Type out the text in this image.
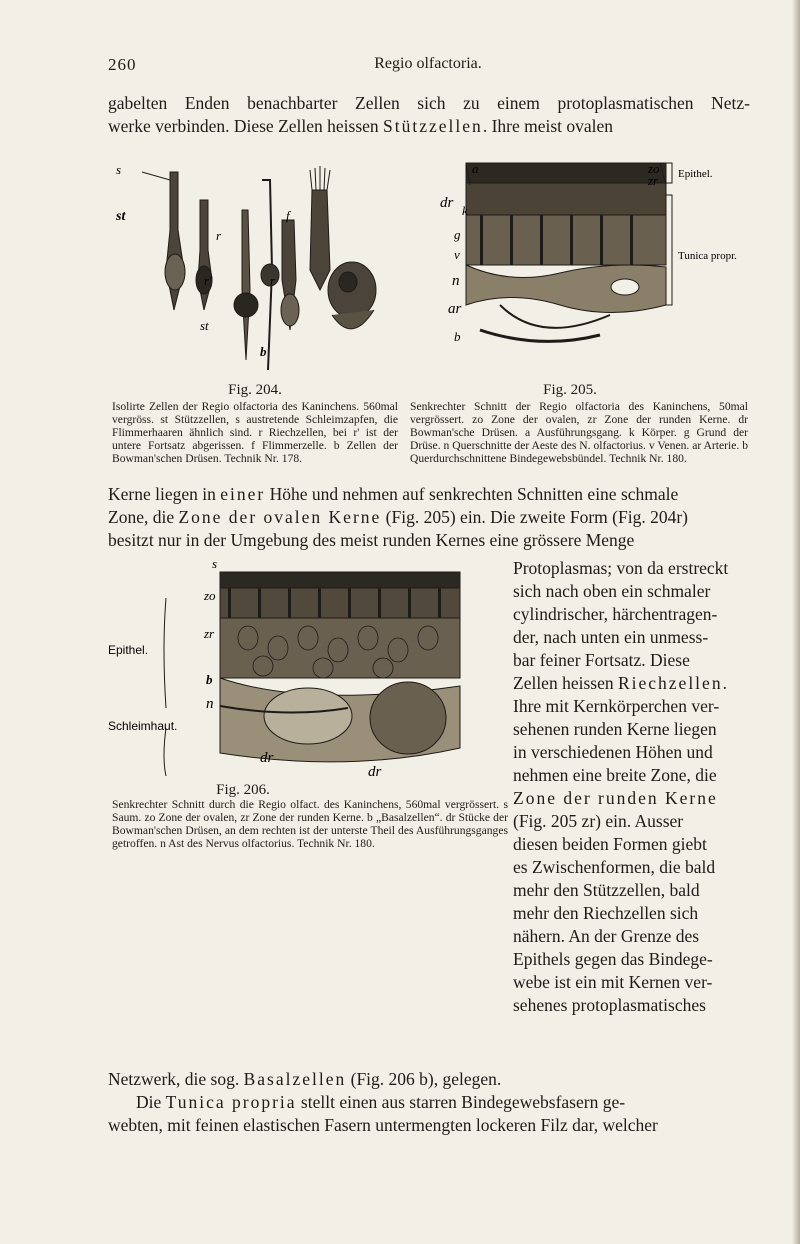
260	Regio olfactoria.
gabelten Enden benachbarter Zellen sich zu einem protoplasmatischen Netz-
werke verbinden. Diese Zellen heissen Stützzellen. Ihre meist ovalen
s
st
r
f
r'	r
st
b
a	zo
zr Epithel.
dr k
g
v	Tunica propr.
n
ar
b
Fig. 204.	Fig. 205.
Isolirte Zellen der Regio olfactoria des Kaninchens. 560mal vergröss. st Stützzellen, s austretende Schleimzapfen, die Flimmerhaaren ähnlich sind. r Riechzellen, bei r' ist der untere Fortsatz abgerissen. f Flimmerzelle. b Zellen der Bowman'schen Drüsen. Technik Nr. 178.
Senkrechter Schnitt der Regio olfactoria des Kaninchens, 50mal vergrössert. zo Zone der ovalen, zr Zone der runden Kerne. dr Bowman'sche Drüsen. a Ausführungsgang. k Körper. g Grund der Drüse. n Querschnitte der Aeste des N. olfactorius. v Venen. ar Arterie. b Querdurchschnittene Bindegewebsbündel. Technik Nr. 180.
Kerne liegen in einer Höhe und nehmen auf senkrechten Schnitten eine schmale
Zone, die Zone der ovalen Kerne (Fig. 205) ein. Die zweite Form (Fig. 204r)
besitzt nur in der Umgebung des meist runden Kernes eine grössere Menge
s
zo
zr
b
n
dr
dr
Epithel.
Schleimhaut.
Fig. 206.
Senkrechter Schnitt durch die Regio olfact. des Kaninchens, 560mal vergrössert. s Saum. zo Zone der ovalen, zr Zone der runden Kerne. b „Basalzellen“. dr Stücke der Bowman'schen Drüsen, an dem rechten ist der unterste Theil des Ausführungsganges getroffen. n Ast des Nervus olfactorius. Technik Nr. 180.
Protoplasmas; von da erstreckt
sich nach oben ein schmaler
cylindrischer, härchentragen-
der, nach unten ein unmess-
bar feiner Fortsatz. Diese
Zellen heissen Riechzellen.
Ihre mit Kernkörperchen ver-
sehenen runden Kerne liegen
in verschiedenen Höhen und
nehmen eine breite Zone, die
Zone der runden Kerne
(Fig. 205 zr) ein. Ausser
diesen beiden Formen giebt
es Zwischenformen, die bald
mehr den Stützzellen, bald
mehr den Riechzellen sich
nähern. An der Grenze des
Epithels gegen das Bindege-
webe ist ein mit Kernen ver-
sehenes protoplasmatisches
Netzwerk, die sog. Basalzellen (Fig. 206 b), gelegen.
Die Tunica propria stellt einen aus starren Bindegewebsfasern ge-
webten, mit feinen elastischen Fasern untermengten lockeren Filz dar, welcher
